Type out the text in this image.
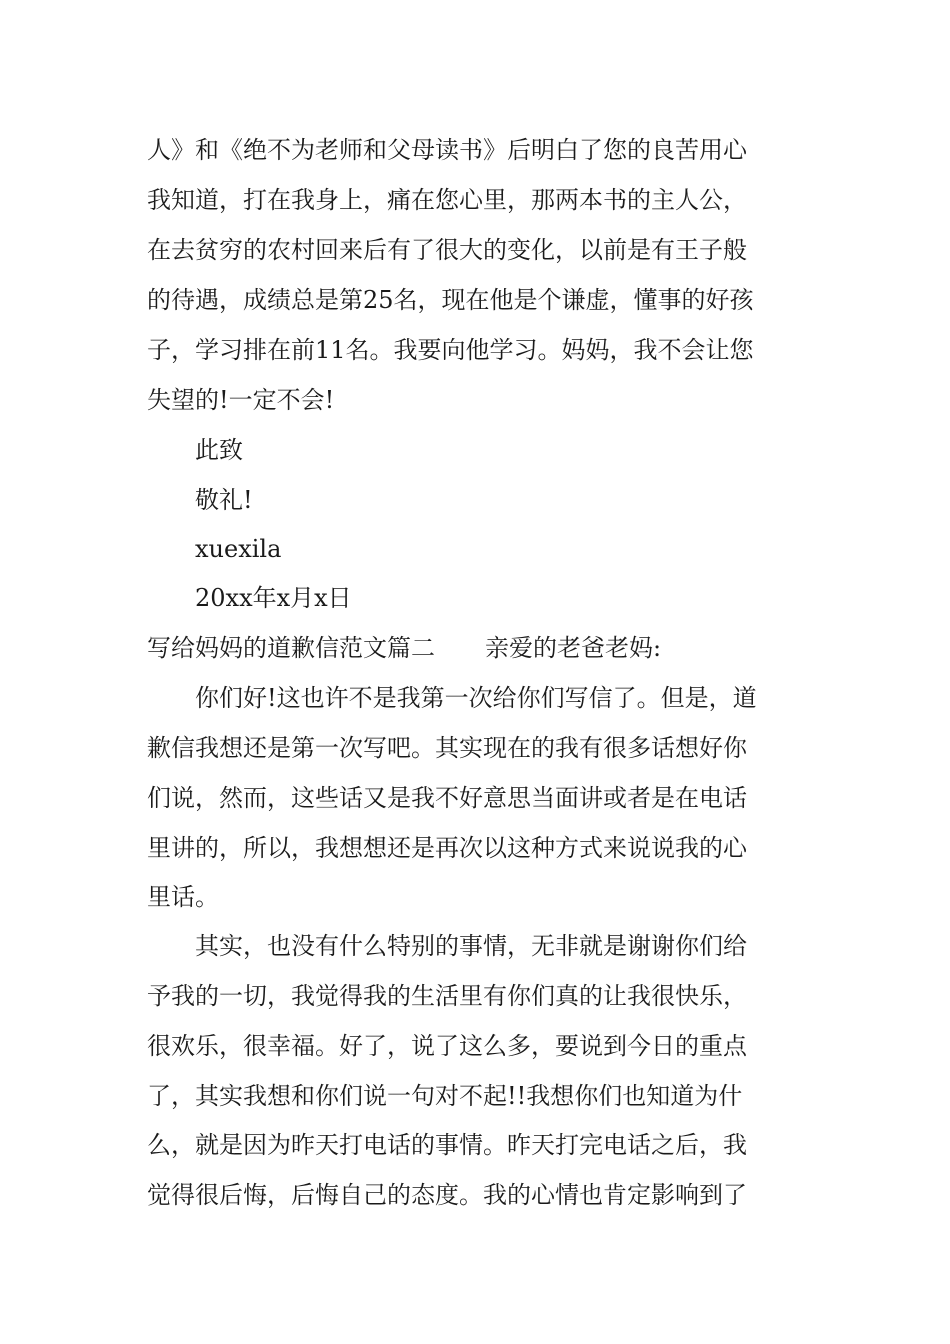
人》和《绝不为老师和父母读书》后明白了您的良苦用心
我知道，打在我身上，痛在您心里，那两本书的主人公，
在去贫穷的农村回来后有了很大的变化，以前是有王子般
的待遇，成绩总是第25名，现在他是个谦虚，懂事的好孩
子，学习排在前11名。我要向他学习。妈妈，我不会让您
失望的!一定不会!
此致
敬礼!
xuexila
20xx年x月x日
写给妈妈的道歉信范文篇二 亲爱的老爸老妈:
你们好!这也许不是我第一次给你们写信了。但是，道
歉信我想还是第一次写吧。其实现在的我有很多话想好你
们说，然而，这些话又是我不好意思当面讲或者是在电话
里讲的，所以，我想想还是再次以这种方式来说说我的心
里话。
其实，也没有什么特别的事情，无非就是谢谢你们给
予我的一切，我觉得我的生活里有你们真的让我很快乐，
很欢乐，很幸福。好了，说了这么多，要说到今日的重点
了，其实我想和你们说一句对不起!!我想你们也知道为什
么，就是因为昨天打电话的事情。昨天打完电话之后，我
觉得很后悔，后悔自己的态度。我的心情也肯定影响到了
